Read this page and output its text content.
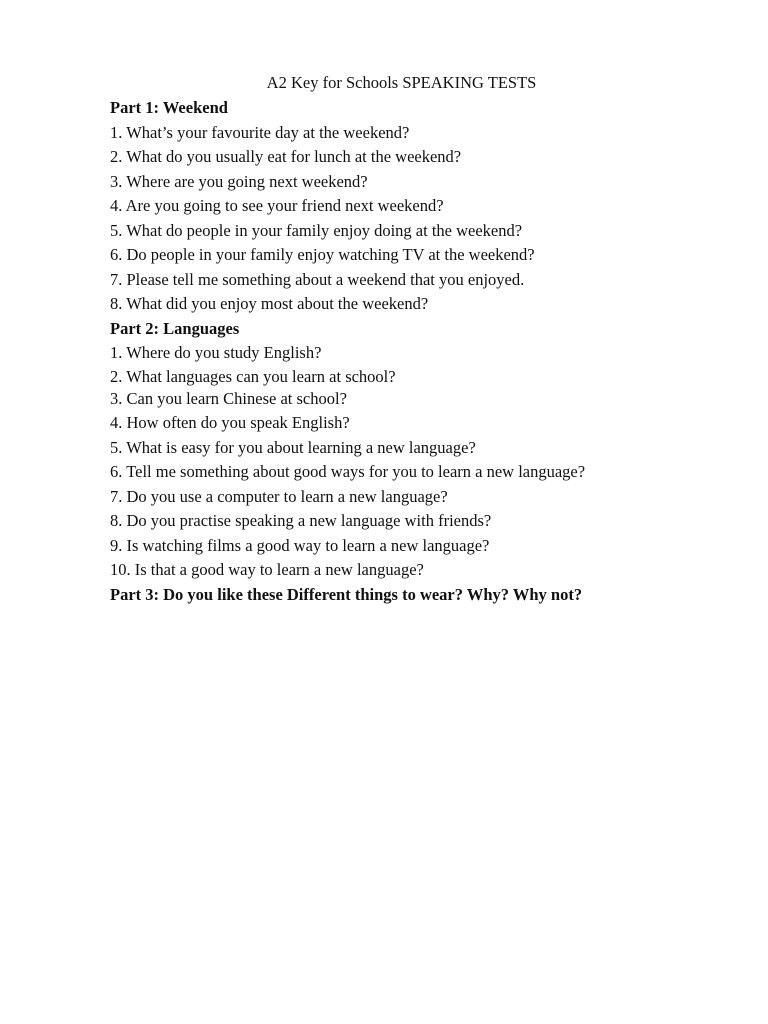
A2 Key for Schools SPEAKING TESTS
Part 1: Weekend
1. What’s your favourite day at the weekend?
2. What do you usually eat for lunch at the weekend?
3. Where are you going next weekend?
4. Are you going to see your friend next weekend?
5. What do people in your family enjoy doing at the weekend?
6. Do people in your family enjoy watching TV at the weekend?
7. Please tell me something about a weekend that you enjoyed.
8. What did you enjoy most about the weekend?
Part 2: Languages
1. Where do you study English?
2. What languages can you learn at school?
3. Can you learn Chinese at school?
4. How often do you speak English?
5. What is easy for you about learning a new language?
6. Tell me something about good ways for you to learn a new language?
7. Do you use a computer to learn a new language?
8. Do you practise speaking a new language with friends?
9. Is watching films a good way to learn a new language?
10. Is that a good way to learn a new language?
Part 3: Do you like these Different things to wear? Why? Why not?
